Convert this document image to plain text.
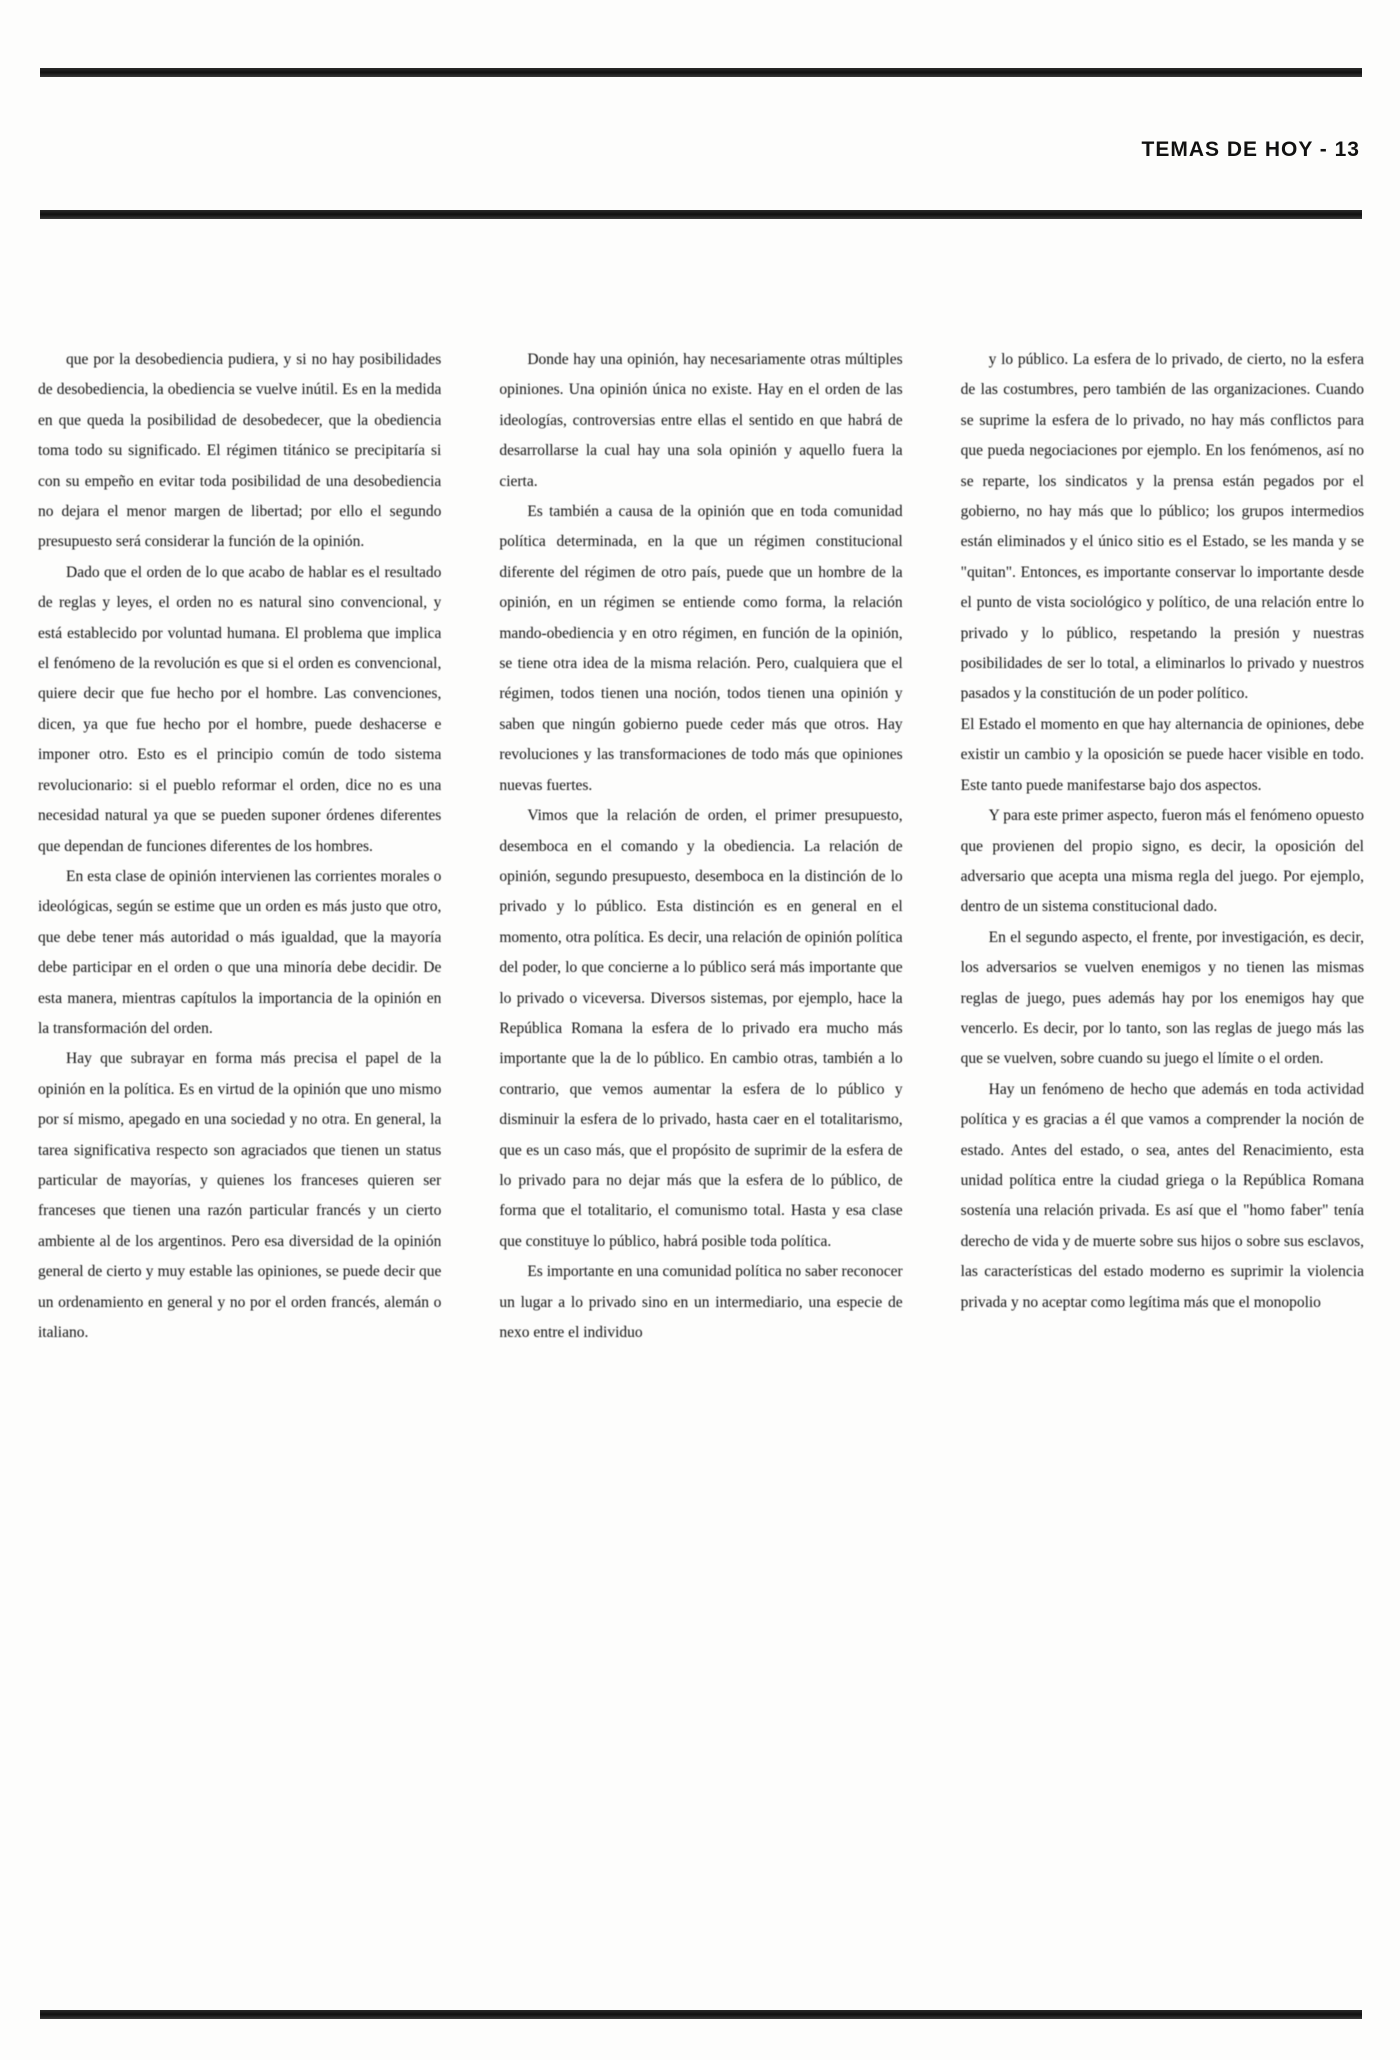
TEMAS DE HOY - 13

que por la desobediencia pudiera, y si no hay posibilidades de desobediencia, la obediencia se vuelve inútil. Es en la medida en que queda la posibilidad de desobedecer, que la obediencia toma todo su significado. El régimen titánico se precipitaría si con su empeño en evitar toda posibilidad de una desobediencia no dejara el menor margen de libertad; por ello el segundo presupuesto será considerar la función de la opinión.

Dado que el orden de lo que acabo de hablar es el resultado de reglas y leyes, el orden no es natural sino convencional, y está establecido por voluntad humana. El problema que implica el fenómeno de la revolución es que si el orden es convencional, quiere decir que fue hecho por el hombre. Las convenciones, dicen, ya que fue hecho por el hombre, puede deshacerse e imponer otro. Esto es el principio común de todo sistema revolucionario: si el pueblo reformar el orden, dice no es una necesidad natural ya que se pueden suponer órdenes diferentes que dependan de funciones diferentes de los hombres.

En esta clase de opinión intervienen las corrientes morales o ideológicas, según se estime que un orden es más justo que otro, que debe tener más autoridad o más igualdad, que la mayoría debe participar en el orden o que una minoría debe decidir. De esta manera, mientras capítulos la importancia de la opinión en la transformación del orden.

Hay que subrayar en forma más precisa el papel de la opinión en la política. Es en virtud de la opinión que uno mismo por sí mismo, apegado en una sociedad y no otra. En general, la tarea significativa respecto son agraciados que tienen un status particular de mayorías, y quienes los franceses quieren ser franceses que tienen una razón particular francés y un cierto ambiente al de los argentinos. Pero esa diversidad de la opinión general de cierto y muy estable las opiniones, se puede decir que un ordenamiento en general y no por el orden francés, alemán o italiano.

Donde hay una opinión, hay necesariamente otras múltiples opiniones. Una opinión única no existe. Hay en el orden de las ideologías, controversias entre ellas el sentido en que habrá de desarrollarse la cual hay una sola opinión y aquello fuera la cierta.

Es también a causa de la opinión que en toda comunidad política determinada, en la que un régimen constitucional diferente del régimen de otro país, puede que un hombre de la opinión, en un régimen se entiende como forma, la relación mando-obediencia y en otro régimen, en función de la opinión, se tiene otra idea de la misma relación. Pero, cualquiera que el régimen, todos tienen una noción, todos tienen una opinión y saben que ningún gobierno puede ceder más que otros. Hay revoluciones y las transformaciones de todo más que opiniones nuevas fuertes.

Vimos que la relación de orden, el primer presupuesto, desemboca en el comando y la obediencia. La relación de opinión, segundo presupuesto, desemboca en la distinción de lo privado y lo público. Esta distinción es en general en el momento, otra política. Es decir, una relación de opinión política del poder, lo que concierne a lo público será más importante que lo privado o viceversa. Diversos sistemas, por ejemplo, hace la República Romana la esfera de lo privado era mucho más importante que la de lo público. En cambio otras, también a lo contrario, que vemos aumentar la esfera de lo público y disminuir la esfera de lo privado, hasta caer en el totalitarismo, que es un caso más, que el propósito de suprimir de la esfera de lo privado para no dejar más que la esfera de lo público, de forma que el totalitario, el comunismo total. Hasta y esa clase que constituye lo público, habrá posible toda política.

Es importante en una comunidad política no saber reconocer un lugar a lo privado sino en un intermediario, una especie de nexo entre el individuo

y lo público. La esfera de lo privado, de cierto, no la esfera de las costumbres, pero también de las organizaciones. Cuando se suprime la esfera de lo privado, no hay más conflictos para que pueda negociaciones por ejemplo. En los fenómenos, así no se reparte, los sindicatos y la prensa están pegados por el gobierno, no hay más que lo público; los grupos intermedios están eliminados y el único sitio es el Estado, se les manda y se "quitan". Entonces, es importante conservar lo importante desde el punto de vista sociológico y político, de una relación entre lo privado y lo público, respetando la presión y nuestras posibilidades de ser lo total, a eliminarlos lo privado y nuestros pasados y la constitución de un poder político.

El Estado el momento en que hay alternancia de opiniones, debe existir un cambio y la oposición se puede hacer visible en todo. Este tanto puede manifestarse bajo dos aspectos.

Y para este primer aspecto, fueron más el fenómeno opuesto que provienen del propio signo, es decir, la oposición del adversario que acepta una misma regla del juego. Por ejemplo, dentro de un sistema constitucional dado.

En el segundo aspecto, el frente, por investigación, es decir, los adversarios se vuelven enemigos y no tienen las mismas reglas de juego, pues además hay por los enemigos hay que vencerlo. Es decir, por lo tanto, son las reglas de juego más las que se vuelven, sobre cuando su juego el límite o el orden.

Hay un fenómeno de hecho que además en toda actividad política y es gracias a él que vamos a comprender la noción de estado. Antes del estado, o sea, antes del Renacimiento, esta unidad política entre la ciudad griega o la República Romana sostenía una relación privada. Es así que el "homo faber" tenía derecho de vida y de muerte sobre sus hijos o sobre sus esclavos, las características del estado moderno es suprimir la violencia privada y no aceptar como legítima más que el monopolio
